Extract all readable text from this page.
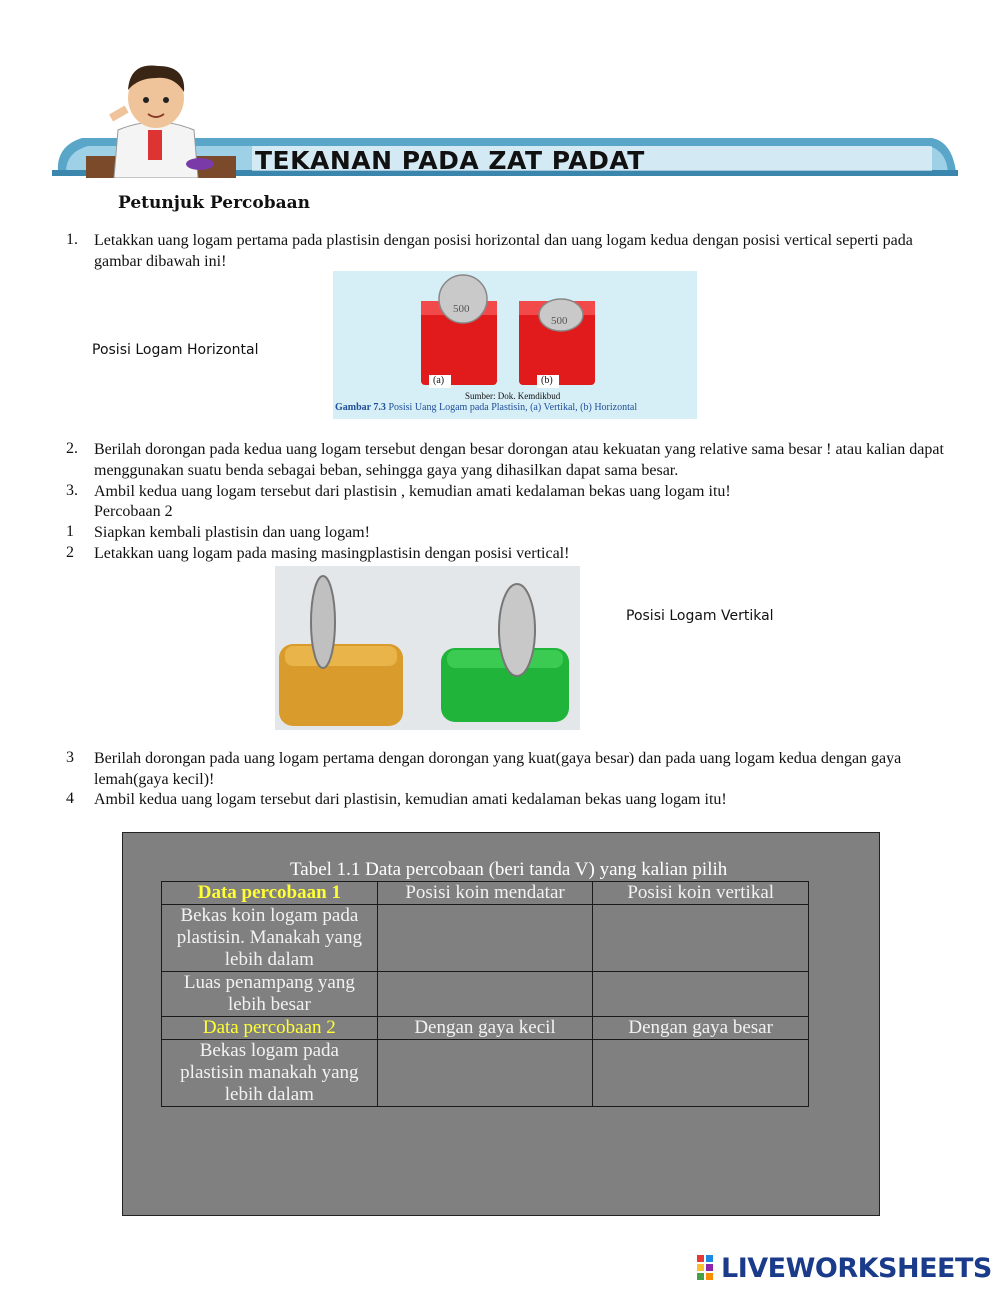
TEKANAN PADA ZAT PADAT
Petunjuk Percobaan
1. Letakkan uang logam pertama pada plastisin dengan posisi horizontal dan uang logam kedua dengan posisi vertical seperti pada gambar dibawah ini!
Posisi Logam Horizontal
500
500
(a)	(b)
Sumber: Dok. Kemdikbud
Gambar 7.3 Posisi Uang Logam pada Plastisin, (a) Vertikal, (b) Horizontal
2. Berilah dorongan pada kedua uang logam tersebut dengan besar dorongan atau kekuatan yang relative sama besar ! atau kalian dapat menggunakan suatu benda sebagai beban, sehingga gaya yang dihasilkan dapat sama besar.
3. Ambil kedua uang logam tersebut dari plastisin , kemudian amati kedalaman bekas uang logam itu!
Percobaan 2
1 Siapkan kembali plastisin dan uang logam!
2 Letakkan uang logam pada masing masingplastisin dengan posisi vertical!
Posisi Logam Vertikal
3 Berilah dorongan pada uang logam pertama dengan dorongan yang kuat(gaya besar) dan pada uang logam kedua dengan gaya lemah(gaya kecil)!
4 Ambil kedua uang logam tersebut dari plastisin, kemudian amati kedalaman bekas uang logam itu!
Tabel 1.1 Data percobaan (beri tanda V) yang kalian pilih
Data percobaan 1	Posisi koin mendatar	Posisi koin vertikal
Bekas koin logam pada plastisin. Manakah yang lebih dalam		
Luas penampang yang lebih besar		
Data percobaan 2	Dengan gaya kecil	Dengan gaya besar
Bekas logam pada plastisin manakah yang lebih dalam		
LIVEWORKSHEETS
